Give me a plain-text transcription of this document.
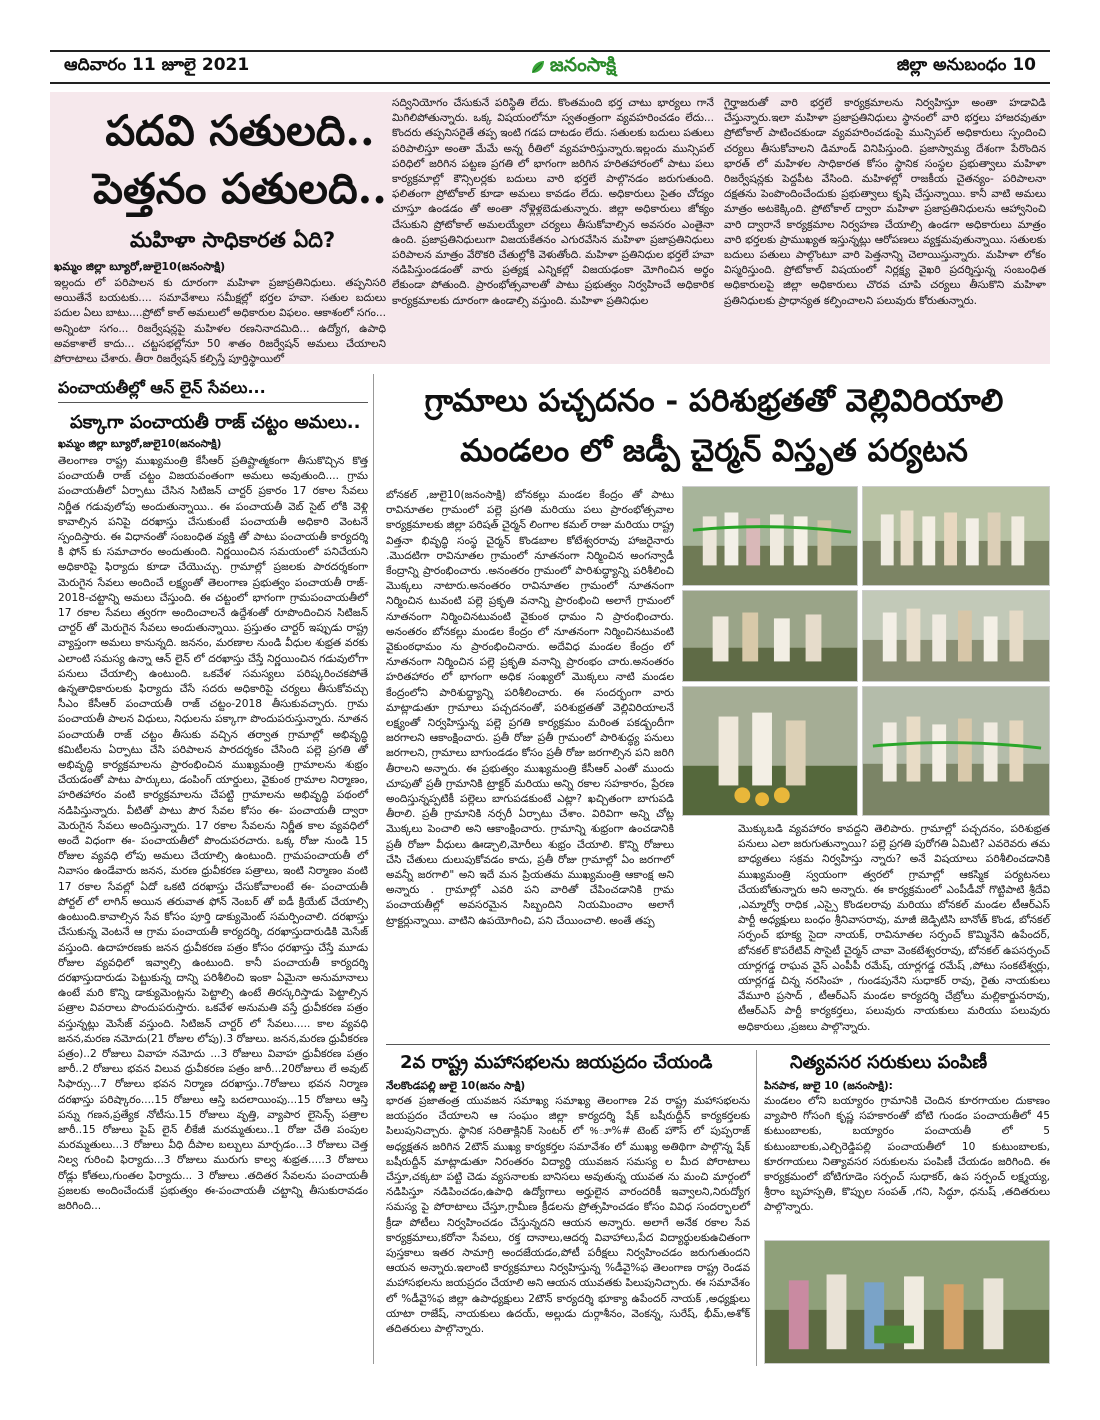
ఆదివారం 11 జూలై 2021	జనంసాక్షి	జిల్లా అనుబంధం 10
పదవి సతులది..
పెత్తనం పతులది..
మహిళా సాధికారత ఏది?
ఖమ్మం జిల్లా బ్యూరో,జులై10(జనంసాక్షి)
ఇల్లందు లో పరిపాలన కు దూరంగా మహిళా ప్రజాప్రతినిధులు. తప్పనిసరి అయితేనే బయటకు.... సమావేశాలు సమీక్షల్లో భర్తల హవా. సతుల బదులు పదుల ఏలు బాటు....ప్రోటో కాల్ అమలులో అధికారుల విఫలం. ఆకాశంలో సగం... అన్నింటా సగం... రిజర్వేషన్లపై మహిళల రణనినాదమిది... ఉద్యోగ, ఉపాధి అవకాశాలే కాదు... చట్టసభల్లోనూ 50 శాతం రిజర్వేషన్ అమలు చేయాలని పోరాటాలు చేశారు. తీరా రిజర్వేషన్ కల్పిస్తే పూర్తిస్థాయిలో
సద్వినియోగం చేసుకునే పరిస్థితి లేదు. కొంతమంది భర్త చాటు భార్యలు గానే మిగిలిపోతున్నారు. ఒక్క విషయంలోనూ స్వతంత్రంగా వ్యవహరించడం లేదు... కొందరు తప్పనిసరైతే తప్ప ఇంటి గడప దాటడం లేదు. సతులకు బదులు పతులు పరిపాలిస్తూ అంతా మేమే అన్న రీతిలో వ్యవహరిస్తున్నారు.ఇల్లందు మున్సిపల్ పరిధిలో జరిగిన పట్టణ ప్రగతి లో భాగంగా జరిగిన హరితహారంలో పాటు పలు కార్యక్రమాల్లో కౌన్సిలర్లకు బదులు వారి భర్తలే పాల్గొనడం జరుగుతుంది. ఫలితంగా ప్రోటోకాల్ కూడా అమలు కావడం లేదు. అధికారులు సైతం చోద్యం చూస్తూ ఉండడం తో అంతా నోళ్లెళ్లబెడుతున్నారు. జిల్లా అధికారులు జోక్యం చేసుకుని ప్రోటోకాల్ అమలయ్యేలా చర్యలు తీసుకోవాల్సిన అవసరం ఎంతైనా ఉంది. ప్రజాప్రతినిధులుగా విజయకేతనం ఎగురవేసిన మహిళా ప్రజాప్రతినిధులు పరిపాలన మాత్రం వేరొకరి చేతుల్లోకి వెళుతోంది. మహిళా ప్రతినిధుల భర్తలే హవా నడిపిస్తుండడంతో వారు ప్రత్యక్ష ఎన్నికల్లో విజయఢంకా మోగించిన అర్థం లేకుండా పోతుంది. ప్రారంభోత్సవాలతో పాటు ప్రభుత్వం నిర్వహించే అధికారిక కార్యక్రమాలకు దూరంగా ఉండాల్సి వస్తుంది. మహిళా ప్రతినిధుల
గైర్హాజరుతో వారి భర్తలే కార్యక్రమాలను నిర్వహిస్తూ అంతా హడావిడి చేస్తున్నారు.ఇలా మహిళా ప్రజాప్రతినిధులు స్థానంలో వారి భర్తలు హాజరవుతూ ప్రోటోకాల్ పాటించకుండా వ్యవహరించడంపై మున్సిపల్ అధికారులు స్పందించి చర్యలు తీసుకోవాలని డిమాండ్ వినిపిస్తుంది. ప్రజాస్వామ్య దేశంగా పేరొందిన భారత్ లో మహిళల సాధికారత కోసం స్థానిక సంస్థల ప్రభుత్వాలు మహిళా రిజర్వేషన్లకు పెద్దపీట వేసింది. మహిళల్లో రాజకీయ చైతన్యం- పరిపాలనా దక్షతను పెంపొందించేందుకు ప్రభుత్వాలు కృషి చేస్తున్నాయి. కానీ వాటి అమలు మాత్రం అటకెక్కింది. ప్రోటోకాల్ ద్వారా మహిళా ప్రజాప్రతినిధులను ఆహ్వానించి వారి ద్వారానే కార్యక్రమాల నిర్వహణ చేయాల్సి ఉండగా అధికారులు మాత్రం వారి భర్తలకు ప్రాముఖ్యత ఇస్తున్నట్లు ఆరోపణలు వ్యక్తమవుతున్నాయి. సతులకు బదులు పతులు పాల్గొంటూ వారి పెత్తనాన్ని చెలాయిస్తున్నారు. మహిళా లోకం విస్మరిస్తుంది. ప్రోటోకాల్ విషయంలో నిర్లక్ష్య వైఖరి ప్రదర్శిస్తున్న సంబంధిత అధికారులపై జిల్లా అధికారులు చొరవ చూపి చర్యలు తీసుకొని మహిళా ప్రతినిధులకు ప్రాధాన్యత కల్పించాలని పలువురు కోరుతున్నారు.
పంచాయతీల్లో ఆన్ లైన్ సేవలు...
పక్కాగా పంచాయతీ రాజ్ చట్టం అమలు..
ఖమ్మం జిల్లా బ్యూరో,జులై10(జనంసాక్షి)
తెలంగాణ రాష్ట్ర ముఖ్యమంత్రి కేసీఆర్ ప్రతిష్టాత్మకంగా తీసుకొచ్చిన కొత్త పంచాయతీ రాజ్ చట్టం విజయవంతంగా అమలు అవుతుంది.... గ్రామ పంచాయతీలో ఏర్పాటు చేసిన సిటిజన్ చార్టర్ ప్రకారం 17 రకాల సేవలు నిర్ణీత గడువులోపు అందుతున్నాయి.. ఈ పంచాయతీ వెబ్ సైట్ లోకి వెళ్లి కావాల్సిన పనిపై దరఖాస్తు చేసుకుంటే పంచాయతీ అధికారి వెంటనే స్పందిస్తారు. ఈ విధానంతో సంబంధిత వ్యక్తి తో పాటు పంచాయతీ కార్యదర్శి కి ఫోన్ కు సమాచారం అందుతుంది. నిర్ణయించిన సమయంలో పనిచేయని అధికారిపై ఫిర్యాదు కూడా చేయొచ్చు. గ్రామాల్లో ప్రజలకు పారదర్శకంగా మెరుగైన సేవలు అందించే లక్ష్యంతో తెలంగాణ ప్రభుత్వం పంచాయతీ రాజ్- 2018-చట్టాన్ని అమలు చేస్తుంది. ఈ చట్టంలో భాగంగా గ్రామపంచాయతీలో 17 రకాల సేవలు త్వరగా అందించాలనే ఉద్దేశంతో రూపొందించిన సిటిజన్ చార్టర్ తో మెరుగైన సేవలు అందుతున్నాయి. ప్రస్తుతం చార్టర్ ఇప్పుడు రాష్ట్ర వ్యాప్తంగా అమలు కానున్నది. జననం, మరణాల నుండి వీధుల శుభ్రత వరకు ఎలాంటి సమస్య ఉన్నా ఆన్ లైన్ లో దరఖాస్తు చేస్తే నిర్ణయించిన గడువులోగా పనులు చేయాల్సి ఉంటుంది. ఒకవేళ సమస్యలు పరిష్కరించకపోతే ఉన్నతాధికారులకు ఫిర్యాదు చేసే సదరు అధికారిపై చర్యలు తీసుకోవచ్చు సీఎం కేసీఆర్ పంచాయతీ రాజ్ చట్టం-2018 తీసుకువచ్చారు. గ్రామ పంచాయతీ పాలన విధులు, నిధులను పక్కాగా పొందుపరుస్తున్నారు. నూతన పంచాయతీ రాజ్ చట్టం తీసుకు వచ్చిన తర్వాత గ్రామాల్లో అభివృద్ధి కమిటీలను ఏర్పాటు చేసి పరిపాలన పారదర్శకం చేసింది పల్లె ప్రగతి తో అభివృద్ధి కార్యక్రమాలను ప్రారంభించిన ముఖ్యమంత్రి గ్రామాలను శుభ్రం చేయడంతో పాటు పార్కులు, డంపింగ్ యార్డులు, వైకుంఠ గ్రామాల నిర్మాణం, హరితహారం వంటి కార్యక్రమాలను చేపట్టి గ్రామాలను అభివృద్ధి పథంలో నడిపిస్తున్నారు. వీటితో పాటు పౌర సేవల కోసం ఈ- పంచాయతీ ద్వారా మెరుగైన సేవలు అందిస్తున్నారు. 17 రకాల సేవలను నిర్ణీత కాల వ్యవధిలో అందే విధంగా ఈ- పంచాయతీలో పొందుపరచారు. ఒక్క రోజు నుండి 15 రోజుల వ్యవధి లోపు అమలు చేయాల్సి ఉంటుంది. గ్రామపంచాయతీ లో నివాసం ఉండేవారు జనన, మరణ ధ్రువీకరణ పత్రాలు, ఇంటి నిర్మాణం వంటి 17 రకాల సేవల్లో ఏదో ఒకటి దరఖాస్తు చేసుకోవాలంటే ఈ- పంచాయతీ పోర్టల్ లో లాగిన్ అయిన తరువాత ఫోన్ నెంబర్ తో ఐడీ క్రియేట్ చేయాల్సి ఉంటుంది.కావాల్సిన సేవ కోసం పూర్తి డాక్యుమెంట్ సమర్పించాలి. దరఖాస్తు చేసుకున్న వెంటనే ఆ గ్రామ పంచాయతీ కార్యదర్శి, దరఖాస్తుదారుడికి మెసేజ్ వస్తుంది. ఉదాహరణకు జనన ధ్రువీకరణ పత్రం కోసం ధరఖాస్తు చేస్తే మూడు రోజుల వ్యవధిలో ఇవ్వాల్సి ఉంటుంది. కానీ పంచాయతీ కార్యదర్శి దరఖాస్తుదారుడు పెట్టుకున్న దాన్ని పరిశీలించి ఇంకా ఏమైనా అనుమానాలు ఉంటే మరి కొన్ని డాక్యుమెంట్లను పెట్టాల్సి ఉంటే తిరస్కరిస్తాడు పెట్టాల్సిన పత్రాల వివరాలు పొందుపరుస్తారు. ఒకవేళ అనుమతి వస్తే ధ్రువీకరణ పత్రం వస్తున్నట్లు మెసేజ్ వస్తుంది. సిటిజన్ చార్టర్ లో సేవలు..... కాల వ్యవధి జనన,మరణ నమోదు(21 రోజుల లోపు).3 రోజులు. జనన,మరణ ధ్రువీకరణ పత్రం)..2 రోజులు వివాహ నమోదు ...3 రోజులు వివాహ ధ్రువీకరణ పత్రం జారీ..2 రోజులు భవన విలువ ధ్రువీకరణ పత్రం జారీ...20రోజులు లే అవుట్ సిఫార్సు...7 రోజులు భవన నిర్మాణ దరఖాస్తు..7రోజులు భవన నిర్మాణ దరఖాస్తు పరిష్కారం....15 రోజులు ఆస్తి బదలాయింపు...15 రోజులు ఆస్తి పన్ను గణన,ప్రత్యేక నోటీసు.15 రోజులు వృత్తి, వ్యాపార లైసెన్స్ పత్రాల జారీ..15 రోజులు పైప్ లైన్ లీకేజీ మరమ్మతులు..1 రోజు చేతి పంపుల మరమ్మతులు...3 రోజులు వీధి దీపాల బల్బులు మార్చడం...3 రోజులు చెత్త నిల్వ గురించి ఫిర్యాదు...3 రోజులు మురుగు కాల్వ శుభ్రత.....3 రోజులు రోడ్లు కోతలు,గుంతల ఫిర్యాదు... 3 రోజులు .తదితర సేవలను పంచాయతీ ప్రజలకు అందించేందుకే ప్రభుత్వం ఈ-పంచాయతీ చట్టాన్ని తీసుకురావడం జరిగింది...
గ్రామాలు పచ్చదనం - పరిశుభ్రతతో వెల్లివిరియాలి
మండలం లో జడ్పీ చైర్మన్ విస్తృత పర్యటన
బోనకల్ ,జులై10(జనంసాక్షి) బోనకల్లు మండల కేంద్రం తో పాటు రావినూతల గ్రామంలో పల్లె ప్రగతి మరియు పలు ప్రారంభోత్సవాల కార్యక్రమాలకు జిల్లా పరిషత్ చైర్మన్ లింగాల కమల్ రాజు మరియు రాష్ట్ర విత్తనా భివృద్ధి సంస్థ చైర్మన్ కొండబాల కోటేశ్వరరావు హాజరైనారు .మొదటిగా రావినూతల గ్రామంలో నూతనంగా నిర్మించిన అంగన్వాడీ కేంద్రాన్ని ప్రారంభించారు .అనంతరం గ్రామంలో పారిశుద్ధ్యాన్ని పరిశీలించి మొక్కలు నాటారు.అనంతరం రావినూతల గ్రామంలో నూతనంగా నిర్మించిన టువంటి పల్లె ప్రకృతి వనాన్ని ప్రారంభించి అలాగే గ్రామంలో నూతనంగా నిర్మించినటువంటి వైకుంఠ ధామం ని ప్రారంభించారు. అనంతరం బోనకల్లు మండల కేంద్రం లో నూతనంగా నిర్మించినటువంటి వైకుంఠధామం ను ప్రారంభించినారు. అదేవిధ మండల కేంద్రం లో నూతనంగా నిర్మించిన పల్లె ప్రకృతి వనాన్ని ప్రారంభం చారు.అనంతరం హరితహారం లో భాగంగా అధిక సంఖ్యలో మొక్కలు నాటి మండల కేంద్రంలోని పారిశుద్ధ్యాన్ని పరిశీలించారు. ఈ సందర్భంగా వారు మాట్లాడుతూ గ్రామాలు పచ్చదనంతో, పరిశుభ్రతతో వెల్లివిరియాలనే లక్ష్యంతో నిర్వహిస్తున్న పల్లె ప్రగతి కార్యక్రమం మరింత పకడ్బందీగా జరగాలని ఆకాంక్షించారు. ప్రతీ రోజు ప్రతీ గ్రామంలో పారిశుద్ధ్య పనులు జరగాలని, గ్రామాలు బాగుండడం కోసం ప్రతీ రోజు జరగాల్సిన పని జరిగి తీరాలని అన్నారు. ఈ ప్రభుత్వం ముఖ్యమంత్రి కేసీఆర్ ఎంతో ముందు చూపుతో ప్రతీ గ్రామానికి ట్రాక్టర్ మరియు అన్ని రకాల సహకారం, ప్రేరణ అందిస్తున్నప్పటికీ పల్లెలు బాగుపడకుంటే ఎట్లా? ఖచ్చితంగా బాగుపడి తీరాలి. ప్రతీ గ్రామానికి నర్సరీ ఏర్పాటు చేశాం. విరివిగా అన్ని చోట్ల మొక్కలు పెంచాలి అని ఆకాంక్షించారు. గ్రామాన్ని శుభ్రంగా ఉంచడానికి ప్రతీ రోజూ వీధులు ఊడ్చాలి,మోరీలు శుభ్రం చేయాలి. కొన్ని రోజులు చేసి చేతులు దులుపుకోవడం కాదు, ప్రతీ రోజు గ్రామాల్లో ఏం జరగాలో అవన్నీ జరగాలి" అని ఇదే మన ప్రియతమ ముఖ్యమంత్రి ఆకాంక్ష అని అన్నారు . గ్రామాల్లో ఎవరి పని వారితో చేపించడానికి గ్రామ పంచాయతీల్లో అవసరమైన సిబ్బందిని నియమించాం అలాగే ట్రాక్టర్లున్నాయి. వాటిని ఉపయోగించి, పని చేయించాలి. అంతే తప్ప
మొక్కుబడి వ్యవహారం కావద్దని తెలిపారు. గ్రామాల్లో పచ్చదనం, పరిశుభ్రత పనులు ఎలా జరుగుతున్నాయి? పల్లె ప్రగతి పురోగతి ఏమిటి? ఎవరెవరు తమ బాధ్యతలు సక్రమ నిర్వహిస్తు న్నారు? అనే విషయాలు పరిశీలించడానికి ముఖ్యమంత్రి స్వయంగా త్వరలో గ్రామాల్లో ఆకస్మిక పర్యటనలు చేయబోతున్నారు అని అన్నారు. ఈ కార్యక్రమంలో ఎంపీడీవో గొట్టిపాటి శ్రీదేవి ,ఎమ్మార్వో రాధిక ,ఎస్సై కొండలరావు మరియు బోనకల్ మండల టీఆర్ఎస్ పార్టీ అధ్యక్షులు బంధం శ్రీనివాసరావు, మాజీ జెడ్పిటిసి బానోత్ కొండ, బోనకల్ సర్పంచ్ భూక్య సైదా నాయక్, రావినూతల సర్పంచ్ కొమ్మినేని ఉపేందర్, బోనకల్ కొపరేటివ్ సొసైటీ చైర్మన్ చావా వెంకటేశ్వరరావు, బోనకల్ ఉపసర్పంచ్ యార్లగడ్డ రాఘవ వైస్ ఎంపీపీ రమేష్, యార్లగడ్డ రమేష్ ,పోటు సంకటేశ్వర్లు, యార్లగడ్డ చిన్న నరసింహ , గుండపునేని సుధాకర్ రావు, రైతు నాయకులు వేమూరి ప్రసాద్ , టీఆర్ఎస్ మండల కార్యదర్శి చేబ్రోలు మల్లికార్జునరావు, టీఆర్ఎస్ పార్టీ కార్యకర్తలు, పలువురు నాయకులు మరియు పలువురు అధికారులు ,ప్రజలు పాల్గొన్నారు.
2వ రాష్ట్ర మహాసభలను జయప్రదం చేయండి
నేలకొండపల్లి జులై 10(జనం సాక్షి)
భారత ప్రజాతంత్ర యువజన సమాఖ్య సమాఖ్య తెలంగాణ 2వ రాష్ట్ర మహాసభలను జయప్రదం చేయాలని ఆ సంఘం జిల్లా కార్యదర్శి షేక్ బషీరుద్దీన్ కార్యకర్తలకు పిలుపునిచ్చారు. స్థానిక సరితాక్లినిక్ సెంటర్ లో %ూ%# టెంట్ హౌస్ లో పుప్పరాజ్ అధ్యక్షతన జరిగిన 2టౌన్ ముఖ్య కార్యకర్తల సమావేశం లో ముఖ్య అతిథిగా పాల్గొన్న షేక్ బషీరుద్దీన్ మాట్లాడుతూ నిరంతరం విద్యార్థి యువజన సమస్య ల మీద పోరాటాలు చేస్తూ,చక్కటా పట్టి చెడు వ్యసనాలకు బానిసలు అవుతున్న యువత ను మంచి మార్గంలో నడిపిస్తూ నడిపించడం,ఉపాధి ఉద్యోగాలు అర్హులైన వారందరికీ ఇవ్వాలని,నిరుద్యోగ సమస్య పై పోరాటాలు చేస్తూ,గ్రామీణ క్రీడలను ప్రోత్సహించడం కోసం వివిధ సందర్భాలలో క్రీడా పోటీలు నిర్వహించడం చేస్తున్నదని ఆయన అన్నారు. అలాగే అనేక రకాల సేవ కార్యక్రమాలు,కరోనా సేవలు, రక్త దానాలు,ఆదర్శ వివాహాలు,పేద విద్యార్థులకుఉచితంగా పుస్తకాలు ఇతర సామాగ్రి అందజేయడం,పోటీ పరీక్షలు నిర్వహించడం జరుగుతుందని ఆయన అన్నారు.ఇలాంటి కార్యక్రమాలు నిర్వహిస్తున్న %డీవై%ఫ తెలంగాణ రాష్ట్ర రెండవ మహాసభలను జయప్రదం చేయాలి అని ఆయన యువతకు పిలుపునిచ్చారు. ఈ సమావేశం లో %డీవై%ఫ జిల్లా ఉపాధ్యక్షులు 2టౌన్ కార్యదర్శి భూక్యా ఉపేందర్ నాయక్ ,అధ్యక్షులు యాటా రాజేష్, నాయకులు ఉదయ్, అల్లుడు దుర్గాశీనం, వెంకన్న, సురేష్, భీమ్,అశోక్ తదితరులు పాల్గొన్నారు.
నిత్యవసర సరుకులు పంపిణీ
పినపాక, జులై 10 (జనంసాక్షి):
మండలం లోని బయ్యారం గ్రామానికి చెందిన కూరగాయల దుకాణం వ్యాపారి గోసంగి కృష్ణ సహకారంతో బోటి గుండం పంచాయతీలో 45 కుటుంబాలకు, బయ్యారం పంచాయతీ లో 5 కుటుంబాలకు,ఎల్చిరెడ్డిపల్లి పంచాయతీలో 10 కుటుంబాలకు, కూరగాయలు నిత్యావసర సరుకులను పంపిణీ చేయడం జరిగింది. ఈ కార్యక్రమంలో బోటిగూడెం సర్పంచ్ సుధాకర్, ఉప సర్పంచ్ లక్ష్మయ్య, శ్రీరాం బృహస్పతి, కొప్పుల సంపత్ ,గని, సిద్ధూ, ధనుష్ ,తదితరులు పాల్గొన్నారు.
